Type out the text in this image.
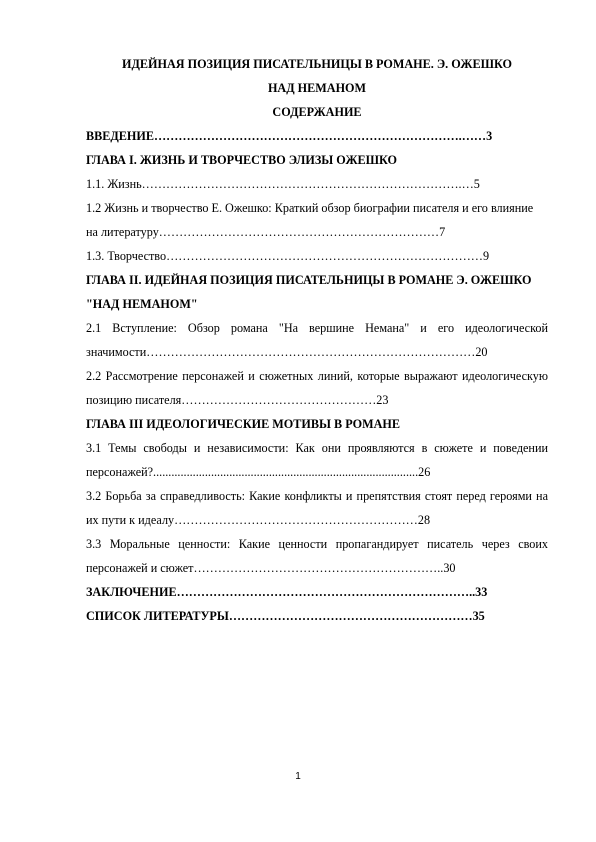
ИДЕЙНАЯ ПОЗИЦИЯ ПИСАТЕЛЬНИЦЫ В РОМАНЕ. Э. ОЖЕШКО

НАД НЕМАНОМ

СОДЕРЖАНИЕ

ВВЕДЕНИЕ………………………………………………………………….……3

ГЛАВА I. ЖИЗНЬ И ТВОРЧЕСТВО ЭЛИЗЫ ОЖЕШКО

1.1. Жизнь…………………………………………………………………….…5

1.2 Жизнь и творчество Е. Ожешко: Краткий обзор биографии писателя и его влияние на литературу……………………………………………………………7

1.3. Творчество……………………………………………………………………9

ГЛАВА II. ИДЕЙНАЯ ПОЗИЦИЯ ПИСАТЕЛЬНИЦЫ В РОМАНЕ Э. ОЖЕШКО "НАД НЕМАНОМ"

2.1 Вступление: Обзор романа "На вершине Немана" и его идеологической значимости………………………………………………………………………20

2.2 Рассмотрение персонажей и сюжетных линий, которые выражают идеологическую позицию писателя…………………………………………23

ГЛАВА III ИДЕОЛОГИЧЕСКИЕ МОТИВЫ В РОМАНЕ

3.1 Темы свободы и независимости: Как они проявляются в сюжете и поведении персонажей?.......................................................................................26

3.2 Борьба за справедливость: Какие конфликты и препятствия стоят перед героями на их пути к идеалу……………………………………………………28

3.3 Моральные ценности: Какие ценности пропагандирует писатель через своих персонажей и сюжет……………………………………………………..30

ЗАКЛЮЧЕНИЕ………………………………………………………………..33

СПИСОК ЛИТЕРАТУРЫ……………………………………………………35

1
